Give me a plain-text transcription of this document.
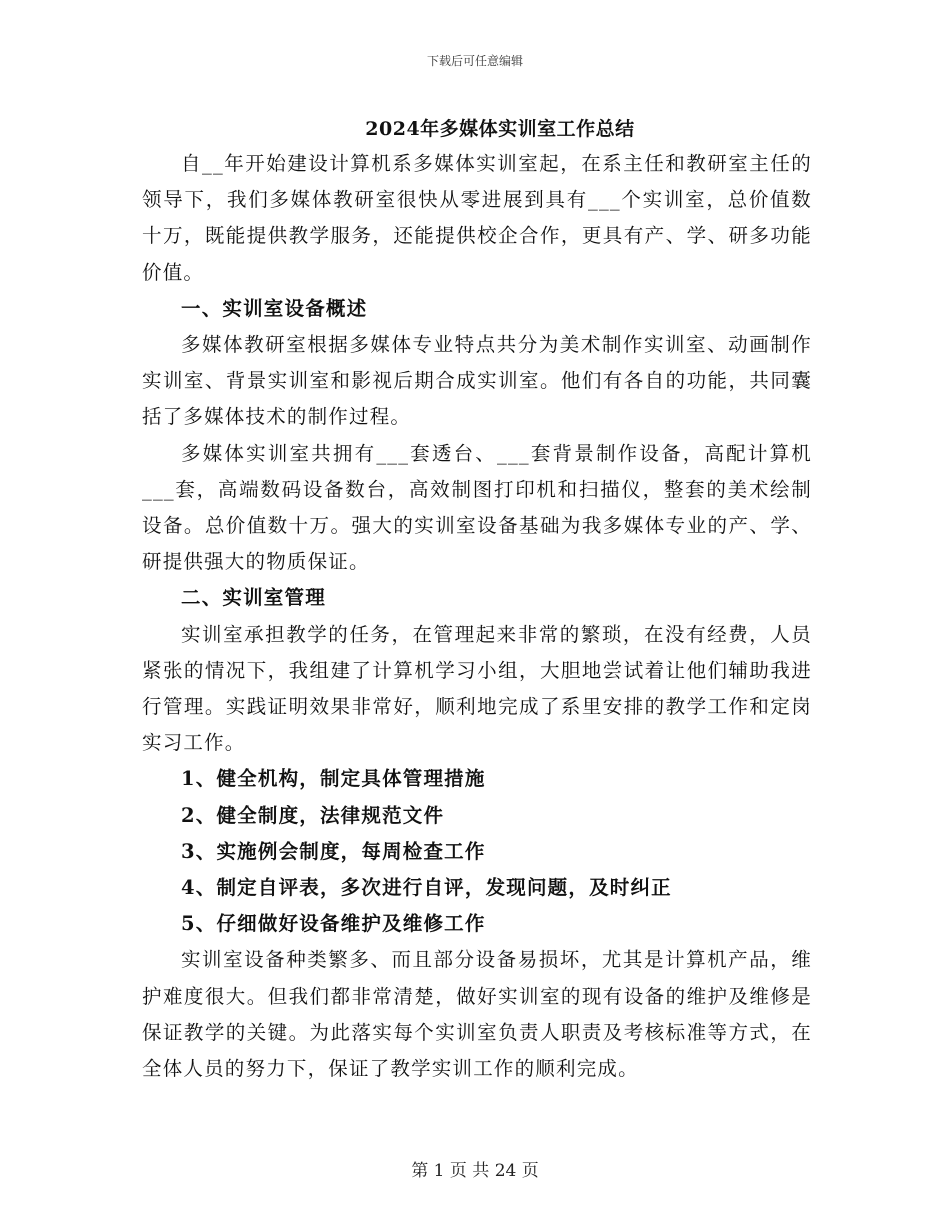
下载后可任意编辑
2024年多媒体实训室工作总结

自__年开始建设计算机系多媒体实训室起，在系主任和教研室主任的领导下，我们多媒体教研室很快从零进展到具有___个实训室，总价值数十万，既能提供教学服务，还能提供校企合作，更具有产、学、研多功能价值。

一、实训室设备概述

多媒体教研室根据多媒体专业特点共分为美术制作实训室、动画制作实训室、背景实训室和影视后期合成实训室。他们有各自的功能，共同囊括了多媒体技术的制作过程。

多媒体实训室共拥有___套透台、___套背景制作设备，高配计算机___套，高端数码设备数台，高效制图打印机和扫描仪，整套的美术绘制设备。总价值数十万。强大的实训室设备基础为我多媒体专业的产、学、研提供强大的物质保证。

二、实训室管理

实训室承担教学的任务，在管理起来非常的繁琐，在没有经费，人员紧张的情况下，我组建了计算机学习小组，大胆地尝试着让他们辅助我进行管理。实践证明效果非常好，顺利地完成了系里安排的教学工作和定岗实习工作。

1、健全机构，制定具体管理措施

2、健全制度，法律规范文件

3、实施例会制度，每周检查工作

4、制定自评表，多次进行自评，发现问题，及时纠正

5、仔细做好设备维护及维修工作

实训室设备种类繁多、而且部分设备易损坏，尤其是计算机产品，维护难度很大。但我们都非常清楚，做好实训室的现有设备的维护及维修是保证教学的关键。为此落实每个实训室负责人职责及考核标准等方式，在全体人员的努力下，保证了教学实训工作的顺利完成。

第 1 页 共 24 页
